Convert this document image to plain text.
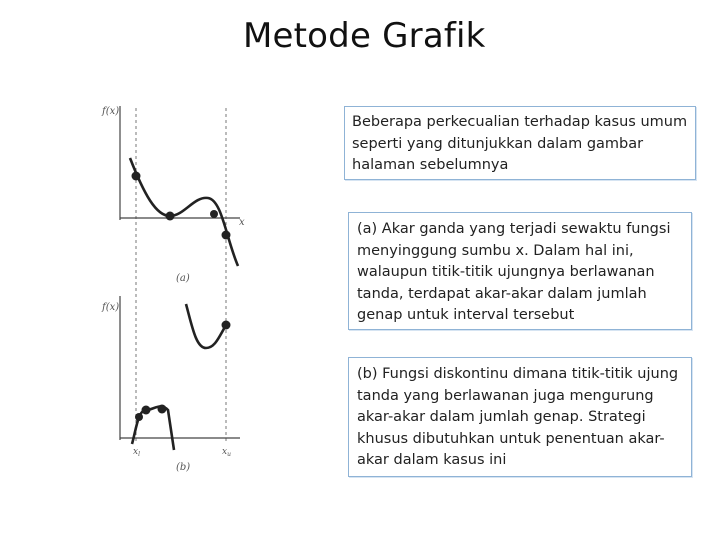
Metode Grafik
f(x)
x
(a)
f(x)
$x_l$	$x_u$
(b)
Beberapa perkecualian terhadap kasus umum seperti yang ditunjukkan dalam gambar halaman sebelumnya
(a) Akar ganda yang terjadi sewaktu fungsi menyinggung sumbu x. Dalam hal ini, walaupun titik-titik ujungnya berlawanan tanda, terdapat akar-akar dalam jumlah genap untuk interval tersebut
(b) Fungsi diskontinu dimana titik-titik ujung tanda yang berlawanan juga mengurung akar-akar dalam jumlah genap. Strategi khusus dibutuhkan untuk penentuan akar-akar dalam kasus ini
